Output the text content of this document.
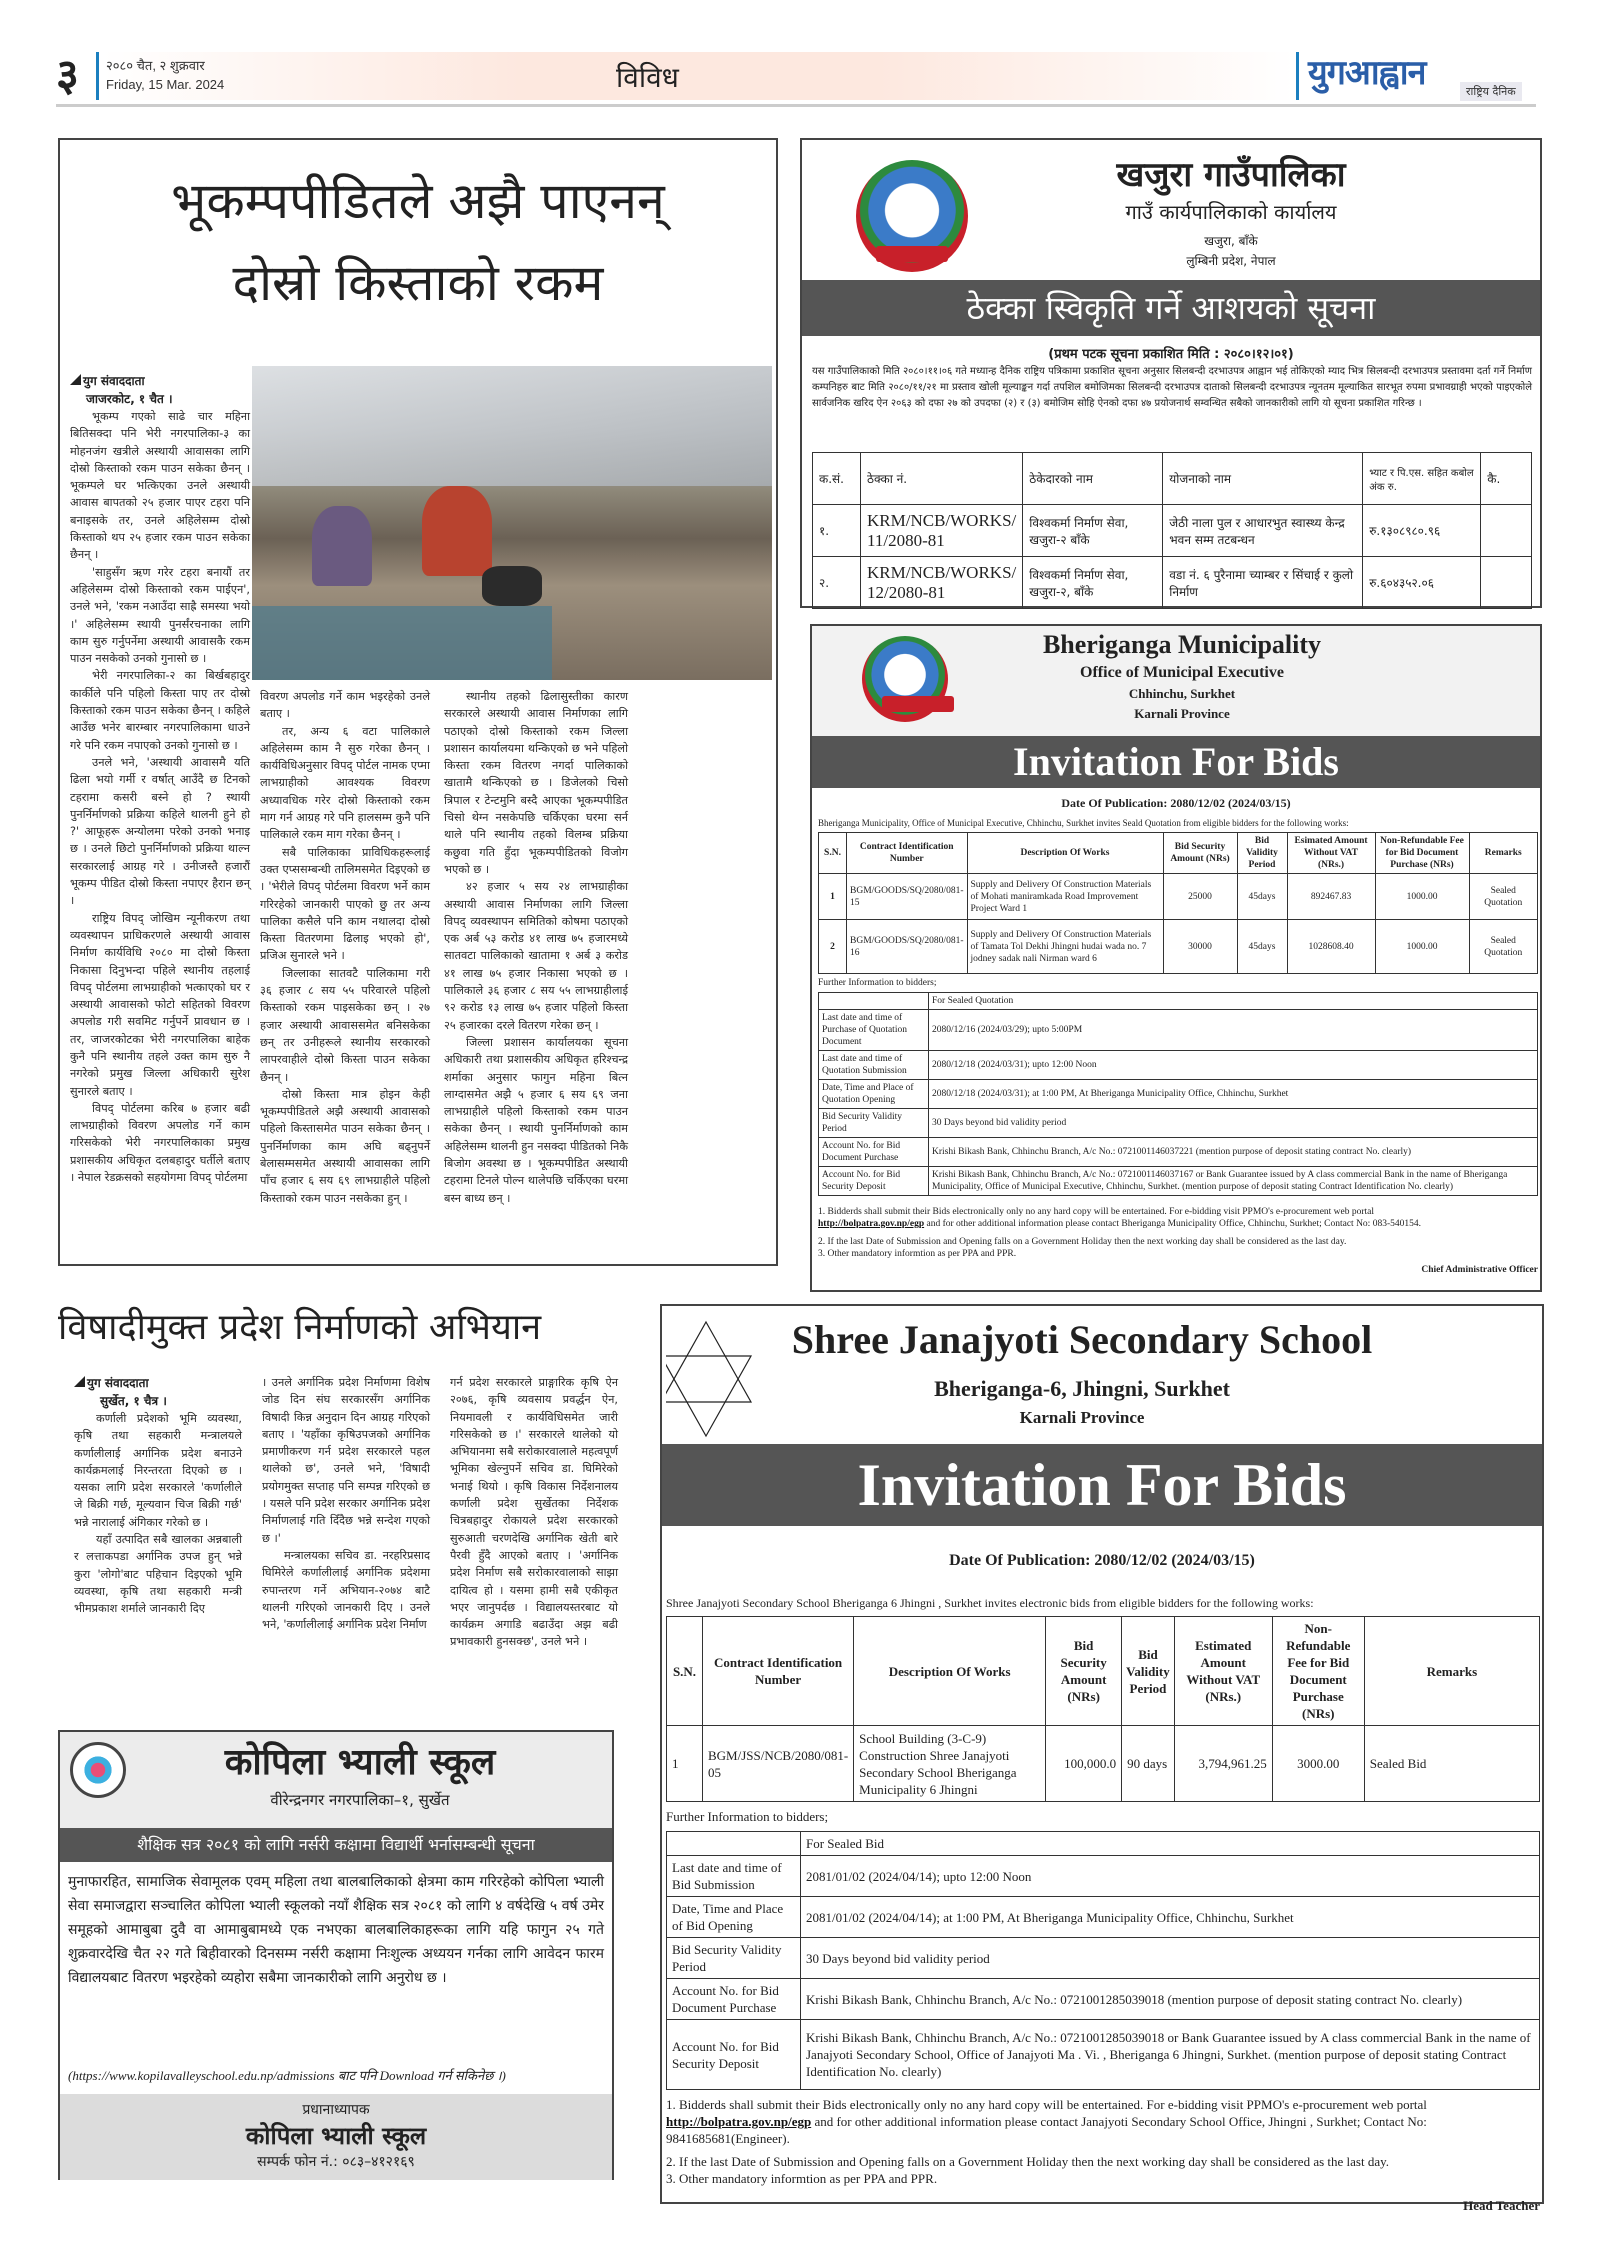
३ २०८० चैत, २ शुक्रवार
Friday, 15 Mar. 2024	विविध	युगआह्वान	राष्ट्रिय दैनिक
भूकम्पपीडितले अझै पाएनन्
दोस्रो किस्ताको रकम
युग संवाददाता
जाजरकोट, १ चैत ।

भूकम्प गएको साढे चार महिना बितिसक्दा पनि भेरी नगरपालिका-३ का मोहनजंग खत्रीले अस्थायी आवासका लागि दोस्रो किस्ताको रकम पाउन सकेका छैनन् । भूकम्पले घर भत्किएका उनले अस्थायी आवास बापतको २५ हजार पाएर टहरा पनि बनाइसके तर, उनले अहिलेसम्म दोस्रो किस्ताको थप २५ हजार रकम पाउन सकेका छैनन् ।

'साहुसँग ऋण गरेर टहरा बनायौं तर अहिलेसम्म दोस्रो किस्ताको रकम पाईएन', उनले भने, 'रकम नआउँदा साह्रै समस्या भयो ।' अहिलेसम्म स्थायी पुनर्संरचनाका लागि काम सुरु गर्नुपर्नेमा अस्थायी आवासकै रकम पाउन नसकेको उनको गुनासो छ ।

भेरी नगरपालिका-२ का बिर्खबहादुर कार्कीले पनि पहिलो किस्ता पाए तर दोस्रो किस्ताको रकम पाउन सकेका छैनन् । कहिले आउँछ भनेर बारम्बार नगरपालिकामा धाउने गरे पनि रकम नपाएको उनको गुनासो छ ।

उनले भने, 'अस्थायी आवासमै यति ढिला भयो गर्मी र वर्षात् आउँदै छ टिनको टहरामा कसरी बस्ने हो ? स्थायी पुनर्निर्माणको प्रक्रिया कहिले थालनी हुने हो ?' आफूहरू अन्योलमा परेको उनको भनाइ छ । उनले छिटो पुनर्निर्माणको प्रक्रिया थाल्न सरकारलाई आग्रह गरे । उनीजस्तै हजारौं भूकम्प पीडित दोस्रो किस्ता नपाएर हैरान छन् ।

राष्ट्रिय विपद् जोखिम न्यूनीकरण तथा व्यवस्थापन प्राधिकरणले अस्थायी आवास निर्माण कार्यविधि २०८० मा दोस्रो किस्ता निकासा दिनुभन्दा पहिले स्थानीय तहलाई विपद् पोर्टलमा लाभग्राहीको भत्काएको घर र अस्थायी आवासको फोटो सहितको विवरण अपलोड गरी सवमिट गर्नुपर्ने प्रावधान छ । तर, जाजरकोटका भेरी नगरपालिका बाहेक कुनै पनि स्थानीय तहले उक्त काम सुरु नै नगरेको प्रमुख जिल्ला अधिकारी सुरेश सुनारले बताए ।

विपद् पोर्टलमा करिब ७ हजार बढी लाभग्राहीको विवरण अपलोड गर्ने काम गरिसकेको भेरी नगरपालिकाका प्रमुख प्रशासकीय अधिकृत दलबहादुर घर्तीले बताए । नेपाल रेडक्रसको सहयोगमा विपद् पोर्टलमा

विवरण अपलोड गर्ने काम भइरहेको उनले बताए ।

तर, अन्य ६ वटा पालिकाले अहिलेसम्म काम नै सुरु गरेका छैनन् । कार्यविधिअनुसार विपद् पोर्टल नामक एप्मा लाभग्राहीको आवश्यक विवरण अध्यावधिक गरेर दोस्रो किस्ताको रकम माग गर्न आग्रह गरे पनि हालसम्म कुनै पनि पालिकाले रकम माग गरेका छैनन् ।

सबै पालिकाका प्राविधिकहरूलाई उक्त एप्ससम्बन्धी तालिमसमेत दिइएको छ । 'भेरीले विपद् पोर्टलमा विवरण भर्ने काम गरिरहेको जानकारी पाएको छु तर अन्य पालिका कसैले पनि काम नथालदा दोस्रो किस्ता वितरणमा ढिलाइ भएको हो', प्रजिअ सुनारले भने ।

जिल्लाका सातवटै पालिकामा गरी ३६ हजार ८ सय ५५ परिवारले पहिलो किस्ताको रकम पाइसकेका छन् । २७ हजार अस्थायी आवाससमेत बनिसकेका छन् तर उनीहरूले स्थानीय सरकारको लापरवाहीले दोस्रो किस्ता पाउन सकेका छैनन् ।

दोस्रो किस्ता मात्र होइन केही भूकम्पपीडितले अझै अस्थायी आवासको पहिलो किस्तासमेत पाउन सकेका छैनन् । पुनर्निर्माणका काम अघि बढ्नुपर्ने बेलासम्मसमेत अस्थायी आवासका लागि पाँच हजार ६ सय ६९ लाभग्राहीले पहिलो किस्ताको रकम पाउन नसकेका हुन् ।

स्थानीय तहको ढिलासुस्तीका कारण सरकारले अस्थायी आवास निर्माणका लागि पठाएको दोस्रो किस्ताको रकम जिल्ला प्रशासन कार्यालयमा थन्किएको छ भने पहिलो किस्ता रकम वितरण नगर्दा पालिकाको खातामै थन्किएको छ । डिजेलको चिसो त्रिपाल र टेन्टमुनि बस्दै आएका भूकम्पपीडित चिसो थेग्न नसकेपछि चर्किएका घरमा सर्न थाले पनि स्थानीय तहको विलम्ब प्रक्रिया कछुवा गति हुँदा भूकम्पपीडितको विजोग भएको छ ।

४२ हजार ५ सय २४ लाभग्राहीका अस्थायी आवास निर्माणका लागि जिल्ला विपद् व्यवस्थापन समितिको कोषमा पठाएको एक अर्ब ५३ करोड ४१ लाख ७५ हजारमध्ये सातवटा पालिकाको खातामा १ अर्ब ३ करोड ४१ लाख ७५ हजार निकासा भएको छ । पालिकाले ३६ हजार ८ सय ५५ लाभग्राहीलाई ९२ करोड १३ लाख ७५ हजार पहिलो किस्ता २५ हजारका दरले वितरण गरेका छन् ।

जिल्ला प्रशासन कार्यालयका सूचना अधिकारी तथा प्रशासकीय अधिकृत हरिश्चन्द्र शर्माका अनुसार फागुन महिना बित्न लाग्दासमेत अझै ५ हजार ६ सय ६९ जना लाभग्राहीले पहिलो किस्ताको रकम पाउन सकेका छैनन् । स्थायी पुनर्निर्माणको काम अहिलेसम्म थालनी हुन नसक्दा पीडितको निकै बिजोग अवस्था छ । भूकम्पपीडित अस्थायी टहरामा टिनले पोल्न थालेपछि चर्किएका घरमा बस्न बाध्य छन् ।

खजुरा गाउँपालिका
गाउँ कार्यपालिकाको कार्यालय
खजुरा, बाँके
लुम्बिनी प्रदेश, नेपाल
ठेक्का स्विकृति गर्ने आशयको सूचना
(प्रथम पटक सूचना प्रकाशित मिति : २०८०।१२।०१)
यस गाउँपालिकाको मिति २०८०।११।०६ गते मध्यान्ह दैनिक राष्ट्रिय पत्रिकामा प्रकाशित सूचना अनुसार सिलबन्दी दरभाउपत्र आह्वान भई तोकिएको म्याद भित्र सिलबन्दी दरभाउपत्र प्रस्तावमा दर्ता गर्ने निर्माण कम्पनिहरु बाट मिति २०८०/११/२१ मा प्रस्ताव खोली मूल्याङ्कन गर्दा तपशिल बमोजिमका सिलबन्दी दरभाउपत्र दाताको सिलबन्दी दरभाउपत्र न्यूनतम मूल्याकित सारभूत रुपमा प्रभावग्राही भएको पाइएकोले सार्वजनिक खरिद ऐन २०६३ को दफा २७ को उपदफा (२) र (३) बमोजिम सोहि ऐनको दफा ४७ प्रयोजनार्थ सम्वन्धित सबैको जानकारीको लागि यो सूचना प्रकाशित गरिन्छ ।
क.सं.	ठेक्का नं.	ठेकेदारको नाम	योजनाको नाम	भ्याट र पि.एस. सहित कबोल अंक रु.	कै.
१.	KRM/NCB/WORKS/ 11/2080-81	विश्वकर्मा निर्माण सेवा, खजुरा-२ बाँके	जेठी नाला पुल र आधारभुत स्वास्थ्य केन्द्र भवन सम्म तटबन्धन	रु.१३०८९८०.९६	
२.	KRM/NCB/WORKS/ 12/2080-81	विश्वकर्मा निर्माण सेवा, खजुरा-२, बाँके	वडा नं. ६ पुरैनामा च्याम्बर र सिंचाई र कुलो निर्माण	रु.६०४३५२.०६	
Bheriganga Municipality
Office of Municipal Executive
Chhinchu, Surkhet
Karnali Province
Invitation For Bids
Date Of Publication: 2080/12/02 (2024/03/15)
Bheriganga Municipality, Office of Municipal Executive, Chhinchu, Surkhet invites Seald Quotation from eligible bidders for the following works:
S.N.	Contract Identification Number	Description Of Works	Bid Security Amount (NRs)	Bid Validity Period	Esimated Amount Without VAT (NRs.)	Non-Refundable Fee for Bid Document Purchase (NRs)	Remarks
1	BGM/GOODS/SQ/2080/081-15	Supply and Delivery Of Construction Materials of Mohati maniramkada Road Improvement Project Ward 1	25000	45days	892467.83	1000.00	Sealed Quotation
2	BGM/GOODS/SQ/2080/081-16	Supply and Delivery Of Construction Materials of Tamata Tol Dekhi Jhingni hudai wada no. 7 jodney sadak nali Nirman ward 6	30000	45days	1028608.40	1000.00	Sealed Quotation
Further Information to bidders;
	For Sealed Quotation
Last date and time of Purchase of Quotation Document	2080/12/16 (2024/03/29); upto 5:00PM
Last date and time of Quotation Submission	2080/12/18 (2024/03/31); upto 12:00 Noon
Date, Time and Place of Quotation Opening	2080/12/18 (2024/03/31); at 1:00 PM, At Bheriganga Municipality Office, Chhinchu, Surkhet
Bid Security Validity Period	30 Days beyond bid validity period
Account No. for Bid Document Purchase	Krishi Bikash Bank, Chhinchu Branch, A/c No.: 0721001146037221 (mention purpose of deposit stating contract No. clearly)
Account No. for Bid Security Deposit	Krishi Bikash Bank, Chhinchu Branch, A/c No.: 0721001146037167 or Bank Guarantee issued by A class commercial Bank in the name of Bheriganga Municipality, Office of Municipal Executive, Chhinchu, Surkhet. (mention purpose of deposit stating Contract Identification No. clearly)
1. Bidderds shall submit their Bids electronically only no any hard copy will be entertained. For e-bidding visit PPMO's e-procurement web portal
http://bolpatra.gov.np/egp and for other additional information please contact Bheriganga Municipality Office, Chhinchu, Surkhet; Contact No: 083-540154.
2. If the last Date of Submission and Opening falls on a Government Holiday then the next working day shall be considered as the last day.
3. Other mandatory informtion as per PPA and PPR.
Chief Administrative Officer
विषादीमुक्त प्रदेश निर्माणको अभियान
युग संवाददाता
सुर्खेत, १ चैत्र ।

कर्णाली प्रदेशको भूमि व्यवस्था, कृषि तथा सहकारी मन्त्रालयले कर्णालीलाई अर्गानिक प्रदेश बनाउने कार्यक्रमलाई निरन्तरता दिएको छ । यसका लागि प्रदेश सरकारले 'कर्णालीले जे बिक्री गर्छ, मूल्यवान चिज बिक्री गर्छ' भन्ने नारालाई अंगिकार गरेको छ ।

यहाँ उत्पादित सबै खालका अन्नबाली र लत्ताकपडा अर्गानिक उपज हुन् भन्ने कुरा 'लोगो'बाट पहिचान दिइएको भूमि व्यवस्था, कृषि तथा सहकारी मन्त्री भीमप्रकाश शर्माले जानकारी दिए

। उनले अर्गानिक प्रदेश निर्माणमा विशेष जोड दिन संघ सरकारसँग अर्गानिक विषादी किन्न अनुदान दिन आग्रह गरिएको बताए । 'यहाँका कृषिउपजको अर्गानिक प्रमाणीकरण गर्न प्रदेश सरकारले पहल थालेको छ', उनले भने, 'विषादी प्रयोगमुक्त सप्ताह पनि सम्पन्न गरिएको छ । यसले पनि प्रदेश सरकार अर्गानिक प्रदेश निर्माणलाई गति दिँदैछ भन्ने सन्देश गएको छ ।'

मन्त्रालयका सचिव डा. नरहरिप्रसाद घिमिरेले कर्णालीलाई अर्गानिक प्रदेशमा रुपान्तरण गर्ने अभियान-२०७४ बाटै थालनी गरिएको जानकारी दिए । उनले भने, 'कर्णालीलाई अर्गानिक प्रदेश निर्माण

गर्न प्रदेश सरकारले प्राङ्गारिक कृषि ऐन २०७६, कृषि व्यवसाय प्रवर्द्धन ऐन, नियमावली र कार्यविधिसमेत जारी गरिसकेको छ ।' सरकारले थालेको यो अभियानमा सबै सरोकारवालाले महत्वपूर्ण भूमिका खेल्नुपर्ने सचिव डा. घिमिरेको भनाई थियो । कृषि विकास निर्देशनालय कर्णाली प्रदेश सुर्खेतका निर्देशक चित्रबहादुर रोकायले प्रदेश सरकारको सुरुआती चरणदेखि अर्गानिक खेती बारे पैरवी हुँदै आएको बताए । 'अर्गानिक प्रदेश निर्माण सबै सरोकारवालाको साझा दायित्व हो । यसमा हामी सबै एकीकृत भएर जानुपर्दछ । विद्यालयस्तरबाट यो कार्यक्रम अगाडि बढाउँदा अझ बढी प्रभावकारी हुनसक्छ', उनले भने ।

कोपिला भ्याली स्कूल
वीरेन्द्रनगर नगरपालिका–१, सुर्खेत
शैक्षिक सत्र २०८१ को लागि नर्सरी कक्षामा विद्यार्थी भर्नासम्बन्धी सूचना
मुनाफारहित, सामाजिक सेवामूलक एवम् महिला तथा बालबालिकाको क्षेत्रमा काम गरिरहेको कोपिला भ्याली सेवा समाजद्वारा सञ्चालित कोपिला भ्याली स्कूलको नयाँ शैक्षिक सत्र २०८१ को लागि ४ वर्षदेखि ५ वर्ष उमेर समूहको आमाबुबा दुवै वा आमाबुबामध्ये एक नभएका बालबालिकाहरूका लागि यहि फागुन २५ गते शुक्रवारदेखि चैत २२ गते बिहीवारको दिनसम्म नर्सरी कक्षामा निःशुल्क अध्ययन गर्नका लागि आवेदन फारम विद्यालयबाट वितरण भइरहेको व्यहोरा सबैमा जानकारीको लागि अनुरोध छ ।
(https://www.kopilavalleyschool.edu.np/admissions बाट पनि Download गर्न सकिनेछ ।)
प्रधानाध्यापक
कोपिला भ्याली स्कूल
सम्पर्क फोन नं.: ०८३–४१२१६९
Shree Janajyoti Secondary School
Bheriganga-6, Jhingni, Surkhet
Karnali Province
Invitation For Bids
Date Of Publication: 2080/12/02 (2024/03/15)
Shree Janajyoti Secondary School Bheriganga 6 Jhingni , Surkhet invites electronic bids from eligible bidders for the following works:
S.N.	Contract Identification Number	Description Of Works	Bid Security Amount (NRs)	Bid Validity Period	Estimated Amount Without VAT (NRs.)	Non-Refundable Fee for Bid Document Purchase (NRs)	Remarks
1	BGM/JSS/NCB/2080/081-05	School Building (3-C-9) Construction Shree Janajyoti Secondary School Bheriganga Municipality 6 Jhingni	100,000.0	90 days	3,794,961.25	3000.00	Sealed Bid
Further Information to bidders;
	For Sealed Bid
Last date and time of Bid Submission	2081/01/02 (2024/04/14); upto 12:00 Noon
Date, Time and Place of Bid Opening	2081/01/02 (2024/04/14); at 1:00 PM, At Bheriganga Municipality Office, Chhinchu, Surkhet
Bid Security Validity Period	30 Days beyond bid validity period
Account No. for Bid Document Purchase	Krishi Bikash Bank, Chhinchu Branch, A/c No.: 0721001285039018 (mention purpose of deposit stating contract No. clearly)
Account No. for Bid Security Deposit	Krishi Bikash Bank, Chhinchu Branch, A/c No.: 0721001285039018 or Bank Guarantee issued by A class commercial Bank in the name of Janajyoti Secondary School, Office of Janajyoti Ma . Vi. , Bheriganga 6 Jhingni, Surkhet. (mention purpose of deposit stating Contract Identification No. clearly)
1. Bidderds shall submit their Bids electronically only no any hard copy will be entertained. For e-bidding visit PPMO's e-procurement web portal
http://bolpatra.gov.np/egp and for other additional information please contact Janajyoti Secondary School Office, Jhingni , Surkhet; Contact No: 9841685681(Engineer).
2. If the last Date of Submission and Opening falls on a Government Holiday then the next working day shall be considered as the last day.
3. Other mandatory informtion as per PPA and PPR.
Head Teacher
